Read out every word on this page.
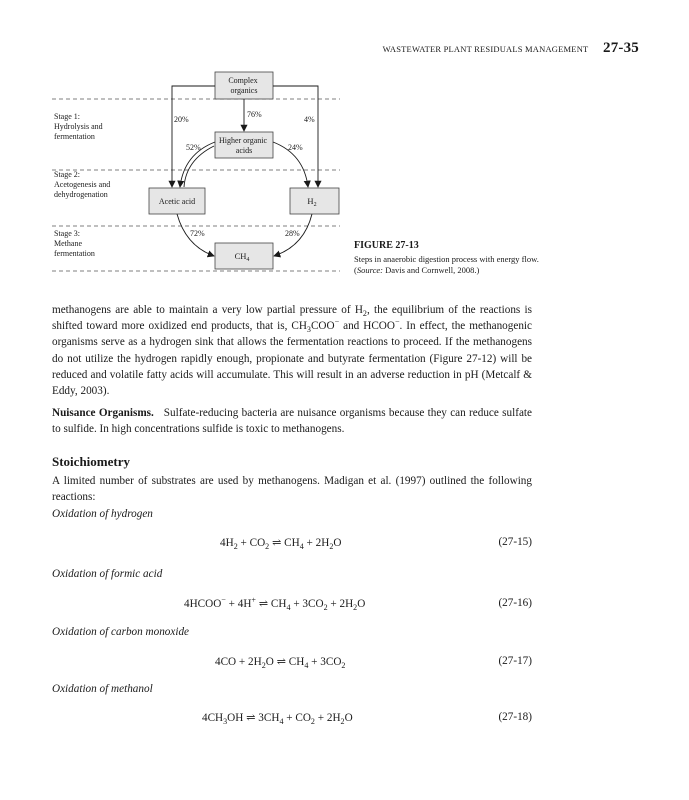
WASTEWATER PLANT RESIDUALS MANAGEMENT 27-35
Stage 1: Hydrolysis and fermentation
Stage 2: Acetogenesis and dehydrogenation
Stage 3: Methane fermentation
Complex organics
Higher organic acids
Acetic acid	$H_2$
$CH_4$
20%
76%
4%
52%	24%
72%	28%
FIGURE 27-13
Steps in anaerobic digestion process with energy flow. (Source: Davis and Cornwell, 2008.)
methanogens are able to maintain a very low partial pressure of $H_2$, the equilibrium of the reactions is shifted toward more oxidized end products, that is, $CH_3COO^-$ and HCOO−. In effect, the methanogenic organisms serve as a hydrogen sink that allows the fermentation reactions to proceed. If the methanogens do not utilize the hydrogen rapidly enough, propionate and butyrate fermentation (Figure 27-12) will be reduced and volatile fatty acids will accumulate. This will result in an adverse reduction in pH (Metcalf & Eddy, 2003).
Nuisance Organisms. Sulfate-reducing bacteria are nuisance organisms because they can reduce sulfate to sulfide. In high concentrations sulfide is toxic to methanogens.
Stoichiometry
A limited number of substrates are used by methanogens. Madigan et al. (1997) outlined the following reactions:
Oxidation of hydrogen
$4H_2 + CO_2$ ⇌ $CH_4 + 2H_2O$	(27-15)
Oxidation of formic acid
4HCOO− + 4H+ ⇌ $CH_4 + 3CO_2 + 2H_2O$	(27-16)
Oxidation of carbon monoxide
$4CO + 2H_2O$ ⇌ $CH_4 + 3CO_2$	(27-17)
Oxidation of methanol
$4CH_3OH$ ⇌ $3CH_4 + CO_2 + 2H_2O$	(27-18)
